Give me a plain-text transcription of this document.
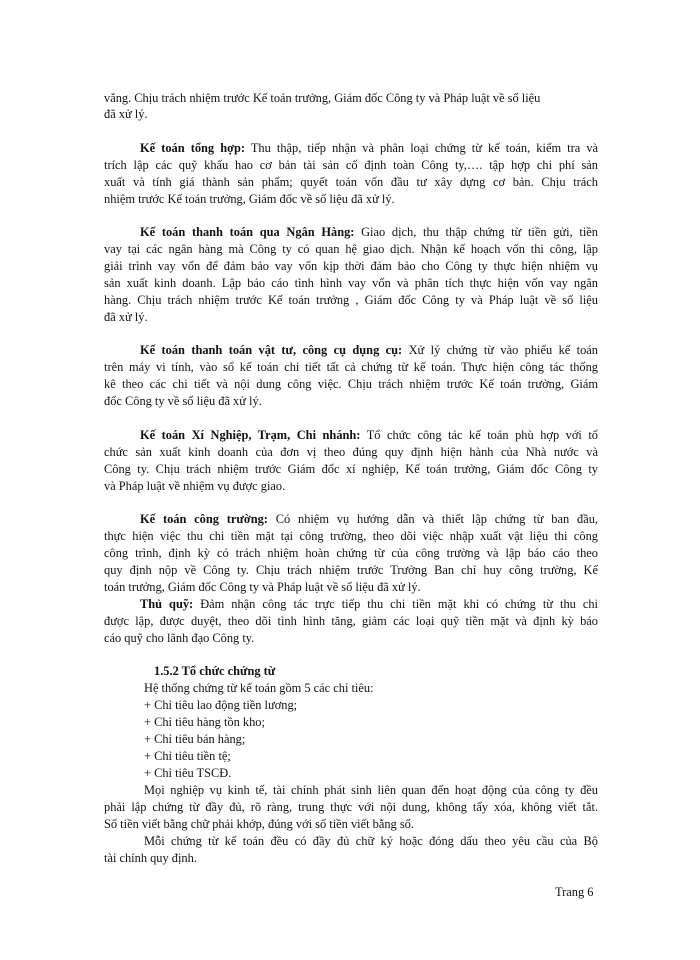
vắng. Chịu trách nhiệm trước Kế toán trưởng, Giám đốc Công ty và Pháp luật về số liệu
đã xử lý.
Kế toán tổng hợp: Thu thập, tiếp nhận và phân loại chứng từ kế toán, kiểm tra và
trích lập các quỹ khấu hao cơ bản tài sản cố định toàn Công ty,…. tập hợp chi phí sản
xuất và tính giá thành sản phẩm; quyết toán vốn đầu tư xây dựng cơ bản. Chịu trách
nhiệm trước Kế toán trưởng, Giám đốc về số liệu đã xử lý.
Kế toán thanh toán qua Ngân Hàng: Giao dịch, thu thập chứng từ tiền gửi, tiền
vay tại các ngân hàng mà Công ty có quan hệ giao dịch. Nhận kế hoạch vốn thi công, lập
giải trình vay vốn để đảm bảo vay vốn kịp thời đảm bảo cho Công ty thực hiện nhiệm vụ
sản xuất kinh doanh. Lập báo cáo tình hình vay vốn và phân tích thực hiện vốn vay ngân
hàng. Chịu trách nhiệm trước Kế toán trưởng , Giám đốc Công ty và Pháp luật về số liệu
đã xử lý.
Kế toán thanh toán vật tư, công cụ dụng cụ: Xử lý chứng từ vào phiếu kế toán
trên máy vi tính, vào sổ kế toán chi tiết tất cả chứng từ kế toán. Thực hiện công tác thống
kê theo các chi tiết và nội dung công việc. Chịu trách nhiệm trước Kế toán trưởng, Giám
đốc Công ty về số liệu đã xử lý.
Kế toán Xí Nghiệp, Trạm, Chi nhánh: Tổ chức công tác kế toán phù hợp với tổ
chức sản xuất kinh doanh của đơn vị theo đúng quy định hiện hành của Nhà nước và
Công ty. Chịu trách nhiệm trước Giám đốc xí nghiệp, Kế toán trưởng, Giám đốc Công ty
và Pháp luật về nhiệm vụ được giao.
Kế toán công trường: Có nhiệm vụ hướng dẫn và thiết lập chứng từ ban đầu,
thực hiện việc thu chi tiền mặt tại công trường, theo dõi việc nhập xuất vật liệu thi công
công trình, định kỳ có trách nhiệm hoàn chứng từ của công trường và lập báo cáo theo
quy định nộp về Công ty. Chịu trách nhiệm trước Trưởng Ban chỉ huy công trường, Kế
toán trưởng, Giám đốc Công ty và Pháp luật về số liệu đã xử lý.
Thủ quỹ: Đảm nhận công tác trực tiếp thu chi tiền mặt khi có chứng từ thu chi
được lập, được duyệt, theo dõi tình hình tăng, giảm các loại quỹ tiền mặt và định kỳ báo
cáo quỹ cho lãnh đạo Công ty.
1.5.2 Tổ chức chứng từ
Hệ thống chứng từ kế toán gồm 5 các chỉ tiêu:
+ Chỉ tiêu lao động tiền lương;
+ Chỉ tiêu hàng tồn kho;
+ Chỉ tiêu bán hàng;
+ Chỉ tiêu tiền tệ;
+ Chỉ tiêu TSCĐ.
Mọi nghiệp vụ kinh tế, tài chính phát sinh liên quan đến hoạt động của công ty đều
phải lập chứng từ đầy đủ, rõ ràng, trung thực với nội dung, không tẩy xóa, không viết tắt.
Số tiền viết bằng chữ phải khớp, đúng với số tiền viết bằng số.
Mỗi chứng từ kế toán đều có đầy đủ chữ ký hoặc đóng dấu theo yêu cầu của Bộ
tài chính quy định.
Trang 6
